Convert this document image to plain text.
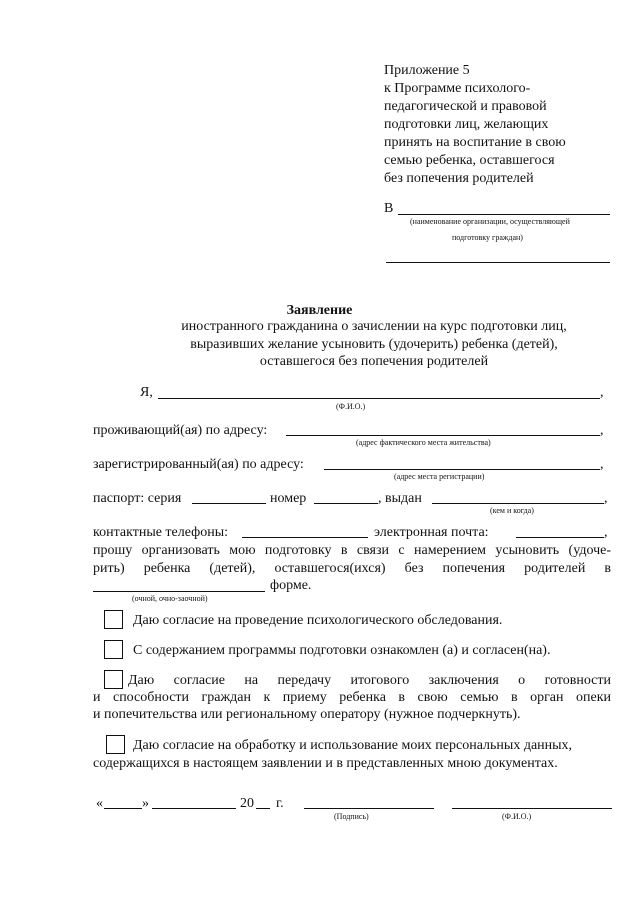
Приложение 5
к Программе психолого-
педагогической и правовой
подготовки лиц, желающих
принять на воспитание в свою
семью ребенка, оставшегося
без попечения родителей
В
(наименование организации, осуществляющей
подготовку граждан)
Заявление
иностранного гражданина о зачислении на курс подготовки лиц,
выразивших желание усыновить (удочерить) ребенка (детей),
оставшегося без попечения родителей
Я,	,
(Ф.И.О.)
проживающий(ая) по адресу:	,
(адрес фактического места жительства)
зарегистрированный(ая) по адресу:	,
(адрес места регистрации)
паспорт: серия	номер	, выдан	,
(кем и когда)
контактные телефоны:	электронная почта:	,
прошу организовать мою подготовку в связи с намерением усыновить (удоче-
рить) ребенка (детей), оставшегося(ихся) без попечения родителей в
форме.
(очной, очно-заочной)
Даю согласие на проведение психологического обследования.
С содержанием программы подготовки ознакомлен (а) и согласен(на).
Даю согласие на передачу итогового заключения о готовности
и способности граждан к приему ребенка в свою семью в орган опеки
и попечительства или региональному оператору (нужное подчеркнуть).
Даю согласие на обработку и использование моих персональных данных,
содержащихся в настоящем заявлении и в представленных мною документах.
«	»	20 г.
(Подпись)	(Ф.И.О.)
